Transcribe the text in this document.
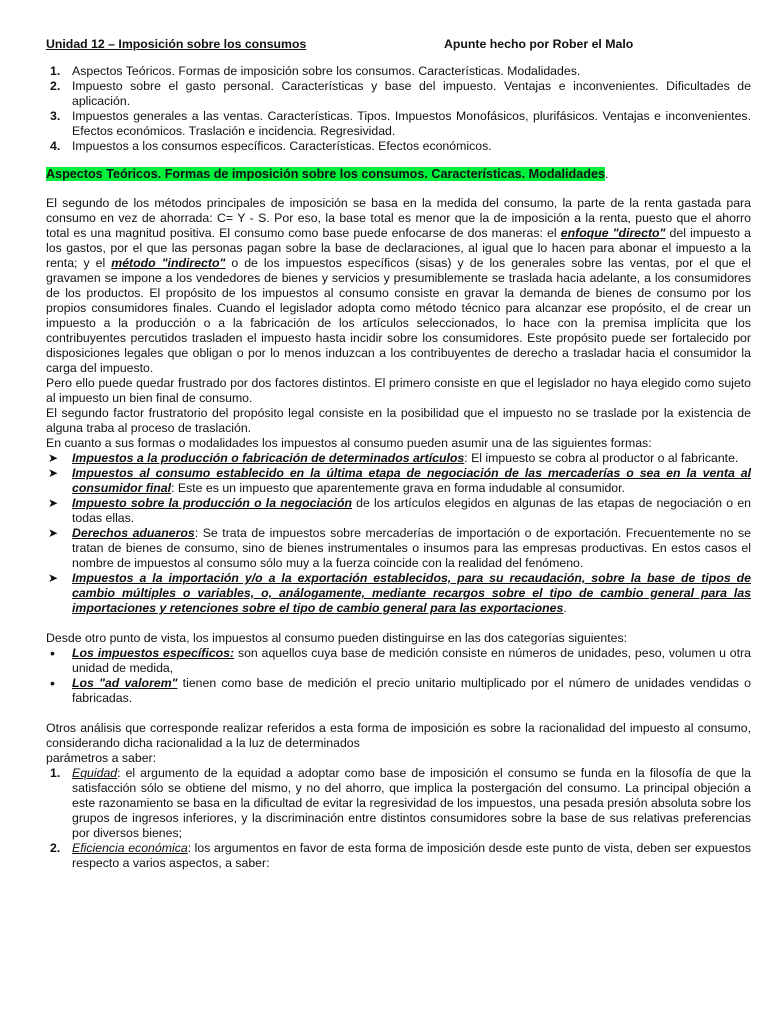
Unidad 12 – Imposición sobre los consumos	Apunte hecho por Rober el Malo
1. Aspectos Teóricos. Formas de imposición sobre los consumos. Características. Modalidades.
2. Impuesto sobre el gasto personal. Características y base del impuesto. Ventajas e inconvenientes. Dificultades de aplicación.
3. Impuestos generales a las ventas. Características. Tipos. Impuestos Monofásicos, plurifásicos. Ventajas e inconvenientes. Efectos económicos. Traslación e incidencia. Regresividad.
4. Impuestos a los consumos específicos. Características. Efectos económicos.
Aspectos Teóricos. Formas de imposición sobre los consumos. Características. Modalidades.

El segundo de los métodos principales de imposición se basa en la medida del consumo, la parte de la renta gastada para consumo en vez de ahorrada: C= Y - S. Por eso, la base total es menor que la de imposición a la renta, puesto que el ahorro total es una magnitud positiva. El consumo como base puede enfocarse de dos maneras: el enfoque "directo" del impuesto a los gastos, por el que las personas pagan sobre la base de declaraciones, al igual que lo hacen para abonar el impuesto a la renta; y el método "indirecto" o de los impuestos específicos (sisas) y de los generales sobre las ventas, por el que el gravamen se impone a los vendedores de bienes y servicios y presumiblemente se traslada hacia adelante, a los consumidores de los productos. El propósito de los impuestos al consumo consiste en gravar la demanda de bienes de consumo por los propios consumidores finales. Cuando el legislador adopta como método técnico para alcanzar ese propósito, el de crear un impuesto a la producción o a la fabricación de los artículos seleccionados, lo hace con la premisa implícita que los contribuyentes percutidos trasladen el impuesto hasta incidir sobre los consumidores. Este propósito puede ser fortalecido por disposiciones legales que obligan o por lo menos induzcan a los contribuyentes de derecho a trasladar hacia el consumidor la carga del impuesto.

Pero ello puede quedar frustrado por dos factores distintos. El primero consiste en que el legislador no haya elegido como sujeto al impuesto un bien final de consumo.

El segundo factor frustratorio del propósito legal consiste en la posibilidad que el impuesto no se traslade por la existencia de alguna traba al proceso de traslación.

En cuanto a sus formas o modalidades los impuestos al consumo pueden asumir una de las siguientes formas:

➤ Impuestos a la producción o fabricación de determinados artículos: El impuesto se cobra al productor o al fabricante.
➤ Impuestos al consumo establecido en la última etapa de negociación de las mercaderías o sea en la venta al consumidor final: Este es un impuesto que aparentemente grava en forma indudable al consumidor.
➤ Impuesto sobre la producción o la negociación de los artículos elegidos en algunas de las etapas de negociación o en todas ellas.
➤ Derechos aduaneros: Se trata de impuestos sobre mercaderías de importación o de exportación. Frecuentemente no se tratan de bienes de consumo, sino de bienes instrumentales o insumos para las empresas productivas. En estos casos el nombre de impuestos al consumo sólo muy a la fuerza coincide con la realidad del fenómeno.
➤ Impuestos a la importación y/o a la exportación establecidos, para su recaudación, sobre la base de tipos de cambio múltiples o variables, o, análogamente, mediante recargos sobre el tipo de cambio general para las importaciones y retenciones sobre el tipo de cambio general para las exportaciones.

Desde otro punto de vista, los impuestos al consumo pueden distinguirse en las dos categorías siguientes:

• Los impuestos específicos: son aquellos cuya base de medición consiste en números de unidades, peso, volumen u otra unidad de medida,
• Los "ad valorem" tienen como base de medición el precio unitario multiplicado por el número de unidades vendidas o fabricadas.

Otros análisis que corresponde realizar referidos a esta forma de imposición es sobre la racionalidad del impuesto al consumo, considerando dicha racionalidad a la luz de determinados

parámetros a saber:

1. Equidad: el argumento de la equidad a adoptar como base de imposición el consumo se funda en la filosofía de que la satisfacción sólo se obtiene del mismo, y no del ahorro, que implica la postergación del consumo. La principal objeción a este razonamiento se basa en la dificultad de evitar la regresividad de los impuestos, una pesada presión absoluta sobre los grupos de ingresos inferiores, y la discriminación entre distintos consumidores sobre la base de sus relativas preferencias por diversos bienes;
2. Eficiencia económica: los argumentos en favor de esta forma de imposición desde este punto de vista, deben ser expuestos respecto a varios aspectos, a saber:
